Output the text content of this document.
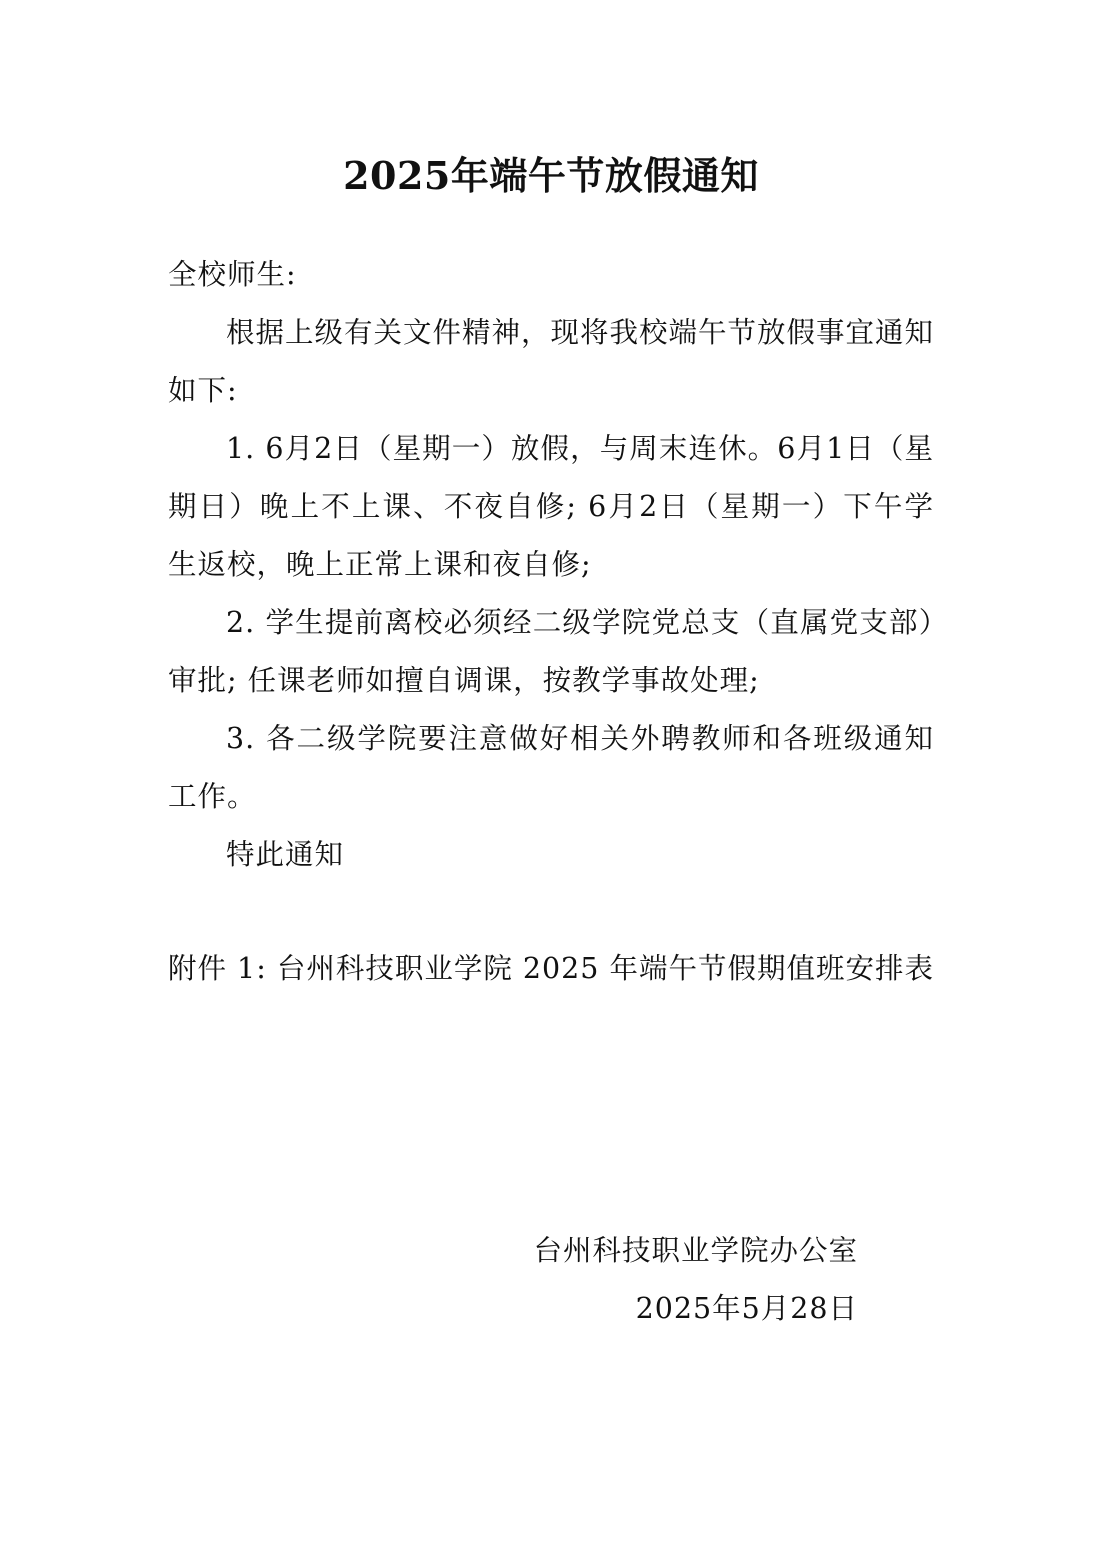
2025年端午节放假通知

全校师生:

根据上级有关文件精神，现将我校端午节放假事宜通知如下:

1. 6月2日（星期一）放假，与周末连休。6月1日（星期日）晚上不上课、不夜自修; 6月2日（星期一）下午学生返校，晚上正常上课和夜自修;

2. 学生提前离校必须经二级学院党总支（直属党支部）审批; 任课老师如擅自调课，按教学事故处理;

3. 各二级学院要注意做好相关外聘教师和各班级通知工作。

特此通知

附件 1: 台州科技职业学院 2025 年端午节假期值班安排表
台州科技职业学院办公室
2025年5月28日
